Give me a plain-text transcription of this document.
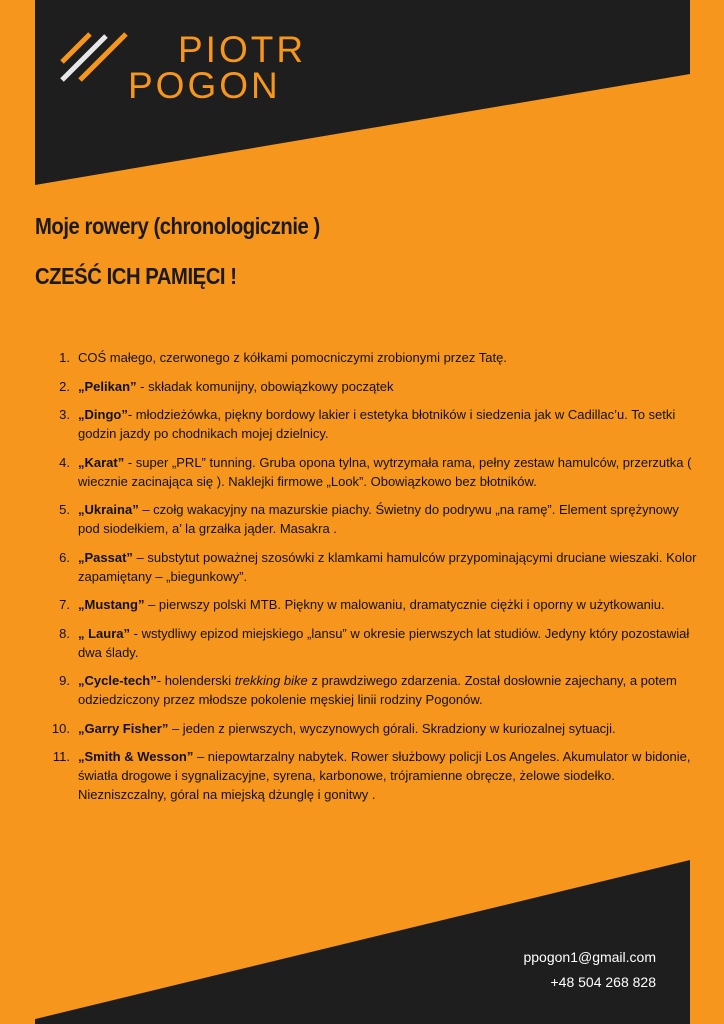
PIOTR
POGON
Moje rowery (chronologicznie )
CZEŚĆ ICH PAMIĘCI !
1. COŚ małego, czerwonego z kółkami pomocniczymi zrobionymi przez Tatę.
2. „Pelikan” - składak komunijny, obowiązkowy początek
3. „Dingo”- młodzieżówka, piękny bordowy lakier i estetyka błotników i siedzenia jak w Cadillac’u. To setki godzin jazdy po chodnikach mojej dzielnicy.
4. „Karat” - super „PRL” tunning. Gruba opona tylna, wytrzymała rama, pełny zestaw hamulców, przerzutka ( wiecznie zacinająca się ). Naklejki firmowe „Look”. Obowiązkowo bez błotników.
5. „Ukraina” – czołg wakacyjny na mazurskie piachy. Świetny do podrywu „na ramę”. Element sprężynowy pod siodełkiem, a’ la grzałka jąder. Masakra .
6. „Passat” – substytut poważnej szosówki z klamkami hamulców przypominającymi druciane wieszaki. Kolor zapamiętany – „biegunkowy”.
7. „Mustang” – pierwszy polski MTB. Piękny w malowaniu, dramatycznie ciężki i oporny w użytkowaniu.
8. „ Laura” - wstydliwy epizod miejskiego „lansu” w okresie pierwszych lat studiów. Jedyny który pozostawiał dwa ślady.
9. „Cycle-tech”- holenderski trekking bike z prawdziwego zdarzenia. Został dosłownie zajechany, a potem odziedziczony przez młodsze pokolenie męskiej linii rodziny Pogonów.
10. „Garry Fisher” – jeden z pierwszych, wyczynowych górali. Skradziony w kuriozalnej sytuacji.
11. „Smith & Wesson” – niepowtarzalny nabytek. Rower służbowy policji Los Angeles. Akumulator w bidonie, światła drogowe i sygnalizacyjne, syrena, karbonowe, trójramienne obręcze, żelowe siodełko. Niezniszczalny, góral na miejską dżunglę i gonitwy .
ppogon1@gmail.com
+48 504 268 828
